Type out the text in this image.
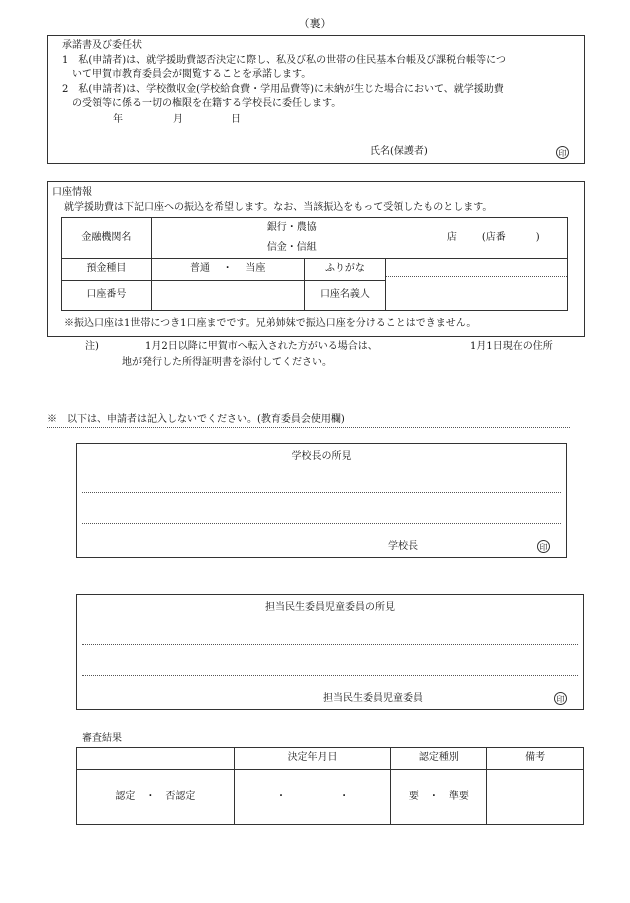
（裏）
承諾書及び委任状
1　私(申請者)は、就学援助費認否決定に際し、私及び私の世帯の住民基本台帳及び課税台帳等につ
いて甲賀市教育委員会が閲覧することを承諾します。
2　私(申請者)は、学校徴収金(学校給食費・学用品費等)に未納が生じた場合において、就学援助費
の受領等に係る一切の権限を在籍する学校長に委任します。
年	月	日
氏名(保護者)	印
口座情報
就学援助費は下記口座への振込を希望します。なお、当該振込をもって受領したものとします。
金融機関名	銀行・農協
信金・信組
店 (店番　　　)		

預金種目	普通 ・ 当座	ふりがな	

口座番号		口座名義人	
※振込口座は1世帯につき1口座までです。兄弟姉妹で振込口座を分けることはできません。
注)	1月2日以降に甲賀市へ転入された方がいる場合は、	1月1日現在の住所
地が発行した所得証明書を添付してください。
※　以下は、申請者は記入しないでください。(教育委員会使用欄)
学校長の所見
学校長	印
担当民生委員児童委員の所見
担当民生委員児童委員	印
審査結果
	決定年月日	認定種別	備考
認定　・　否認定	・ ・	要　・　準要	
